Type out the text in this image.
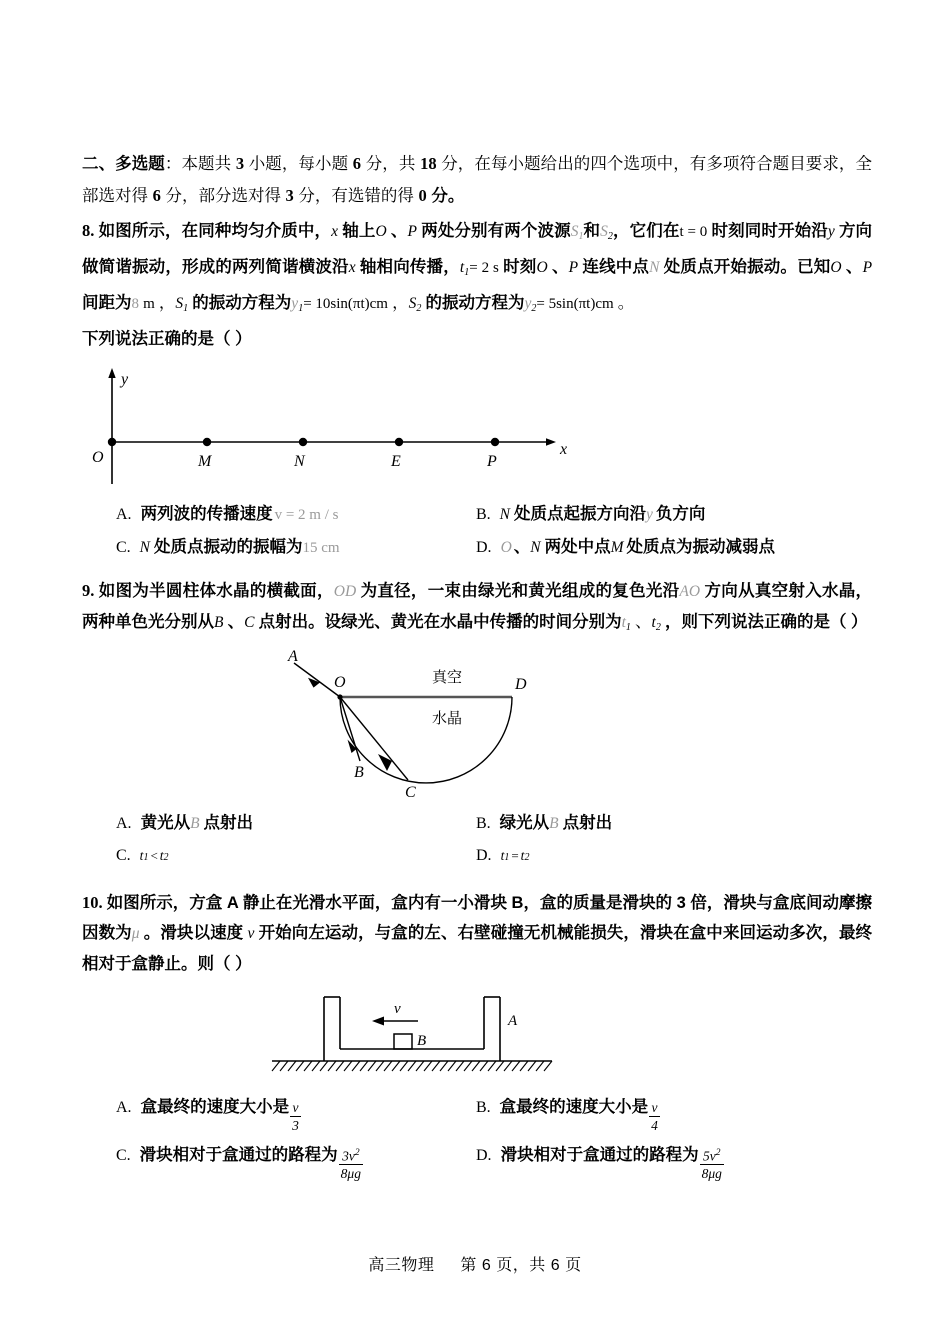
二、多选题：本题共 3 小题，每小题 6 分，共 18 分，在每小题给出的四个选项中，有多项符合题目要求，全部选对得 6 分，部分选对得 3 分，有选错的得 0 分。
8. 如图所示，在同种均匀介质中，x 轴上O 、P 两处分别有两个波源$S_1$和$S_2$，它们在t = 0 时刻同时开始沿y 方向做简谐振动，形成的两列简谐横波沿x 轴相向传播，$t_1= 2$ s 时刻O 、P 连线中点N 处质点开始振动。已知O 、P 间距为8 m ，$S_1$ 的振动方程为$y_1= 10\sin(\pi t)cm$ ，$S_2$ 的振动方程为$y_2= 5\sin(\pi t)cm$ 。
下列说法正确的是（ ）
y
x
O	M	N	E	P
A. 两列波的传播速度 v = 2 m / s	B. N 处质点起振方向沿 y 负方向
C. N 处质点振动的振幅为 15 cm	D. O 、 N 两处中点 M 处质点为振动减弱点
9. 如图为半圆柱体水晶的横截面，OD 为直径，一束由绿光和黄光组成的复色光沿AO 方向从真空射入水晶，两种单色光分别从B 、C 点射出。设绿光、黄光在水晶中传播的时间分别为$t_1$ 、$t_2$ ，则下列说法正确的是（ ）
A
O	D
B
C
真空
水晶
A. 黄光从 B 点射出	B. 绿光从 B 点射出
C. t 1 < t 2	D. t 1 = t 2
10. 如图所示，方盒 A 静止在光滑水平面，盒内有一小滑块 B，盒的质量是滑块的 3 倍，滑块与盒底间动摩擦因数为μ 。滑块以速度 v 开始向左运动，与盒的左、右壁碰撞无机械能损失，滑块在盒中来回运动多次，最终相对于盒静止。则（ ）
B
v
A
A. 盒最终的速度大小是 $\frac{v}{3}$	B. 盒最终的速度大小是 $\frac{v}{4}$
C. 滑块相对于盒通过的路程为 $\frac{3v^2}{8\mu g}$	D. 滑块相对于盒通过的路程为 $\frac{5v^2}{8\mu g}$
高三物理 第 6 页，共 6 页
